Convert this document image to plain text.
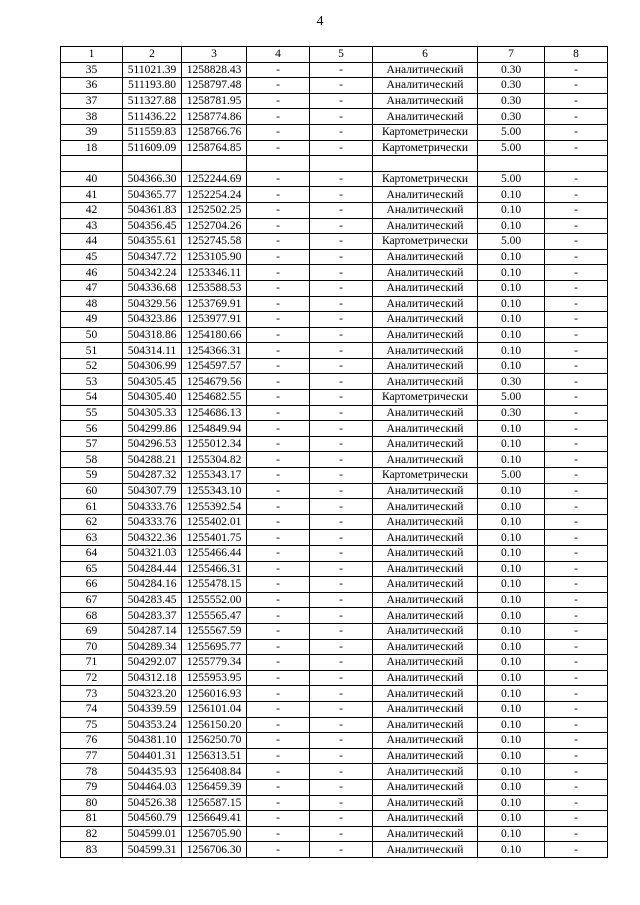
4
1	2	3	4	5	6	7	8
35	511021.39	1258828.43	-	-	Аналитический	0.30	-
36	511193.80	1258797.48	-	-	Аналитический	0.30	-
37	511327.88	1258781.95	-	-	Аналитический	0.30	-
38	511436.22	1258774.86	-	-	Аналитический	0.30	-
39	511559.83	1258766.76	-	-	Картометрически	5.00	-
18	511609.09	1258764.85	-	-	Картометрически	5.00	-

40	504366.30	1252244.69	-	-	Картометрически	5.00	-
41	504365.77	1252254.24	-	-	Аналитический	0.10	-
42	504361.83	1252502.25	-	-	Аналитический	0.10	-
43	504356.45	1252704.26	-	-	Аналитический	0.10	-
44	504355.61	1252745.58	-	-	Картометрически	5.00	-
45	504347.72	1253105.90	-	-	Аналитический	0.10	-
46	504342.24	1253346.11	-	-	Аналитический	0.10	-
47	504336.68	1253588.53	-	-	Аналитический	0.10	-
48	504329.56	1253769.91	-	-	Аналитический	0.10	-
49	504323.86	1253977.91	-	-	Аналитический	0.10	-
50	504318.86	1254180.66	-	-	Аналитический	0.10	-
51	504314.11	1254366.31	-	-	Аналитический	0.10	-
52	504306.99	1254597.57	-	-	Аналитический	0.10	-
53	504305.45	1254679.56	-	-	Аналитический	0.30	-
54	504305.40	1254682.55	-	-	Картометрически	5.00	-
55	504305.33	1254686.13	-	-	Аналитический	0.30	-
56	504299.86	1254849.94	-	-	Аналитический	0.10	-
57	504296.53	1255012.34	-	-	Аналитический	0.10	-
58	504288.21	1255304.82	-	-	Аналитический	0.10	-
59	504287.32	1255343.17	-	-	Картометрически	5.00	-
60	504307.79	1255343.10	-	-	Аналитический	0.10	-
61	504333.76	1255392.54	-	-	Аналитический	0.10	-
62	504333.76	1255402.01	-	-	Аналитический	0.10	-
63	504322.36	1255401.75	-	-	Аналитический	0.10	-
64	504321.03	1255466.44	-	-	Аналитический	0.10	-
65	504284.44	1255466.31	-	-	Аналитический	0.10	-
66	504284.16	1255478.15	-	-	Аналитический	0.10	-
67	504283.45	1255552.00	-	-	Аналитический	0.10	-
68	504283.37	1255565.47	-	-	Аналитический	0.10	-
69	504287.14	1255567.59	-	-	Аналитический	0.10	-
70	504289.34	1255695.77	-	-	Аналитический	0.10	-
71	504292.07	1255779.34	-	-	Аналитический	0.10	-
72	504312.18	1255953.95	-	-	Аналитический	0.10	-
73	504323.20	1256016.93	-	-	Аналитический	0.10	-
74	504339.59	1256101.04	-	-	Аналитический	0.10	-
75	504353.24	1256150.20	-	-	Аналитический	0.10	-
76	504381.10	1256250.70	-	-	Аналитический	0.10	-
77	504401.31	1256313.51	-	-	Аналитический	0.10	-
78	504435.93	1256408.84	-	-	Аналитический	0.10	-
79	504464.03	1256459.39	-	-	Аналитический	0.10	-
80	504526.38	1256587.15	-	-	Аналитический	0.10	-
81	504560.79	1256649.41	-	-	Аналитический	0.10	-
82	504599.01	1256705.90	-	-	Аналитический	0.10	-
83	504599.31	1256706.30	-	-	Аналитический	0.10	-
